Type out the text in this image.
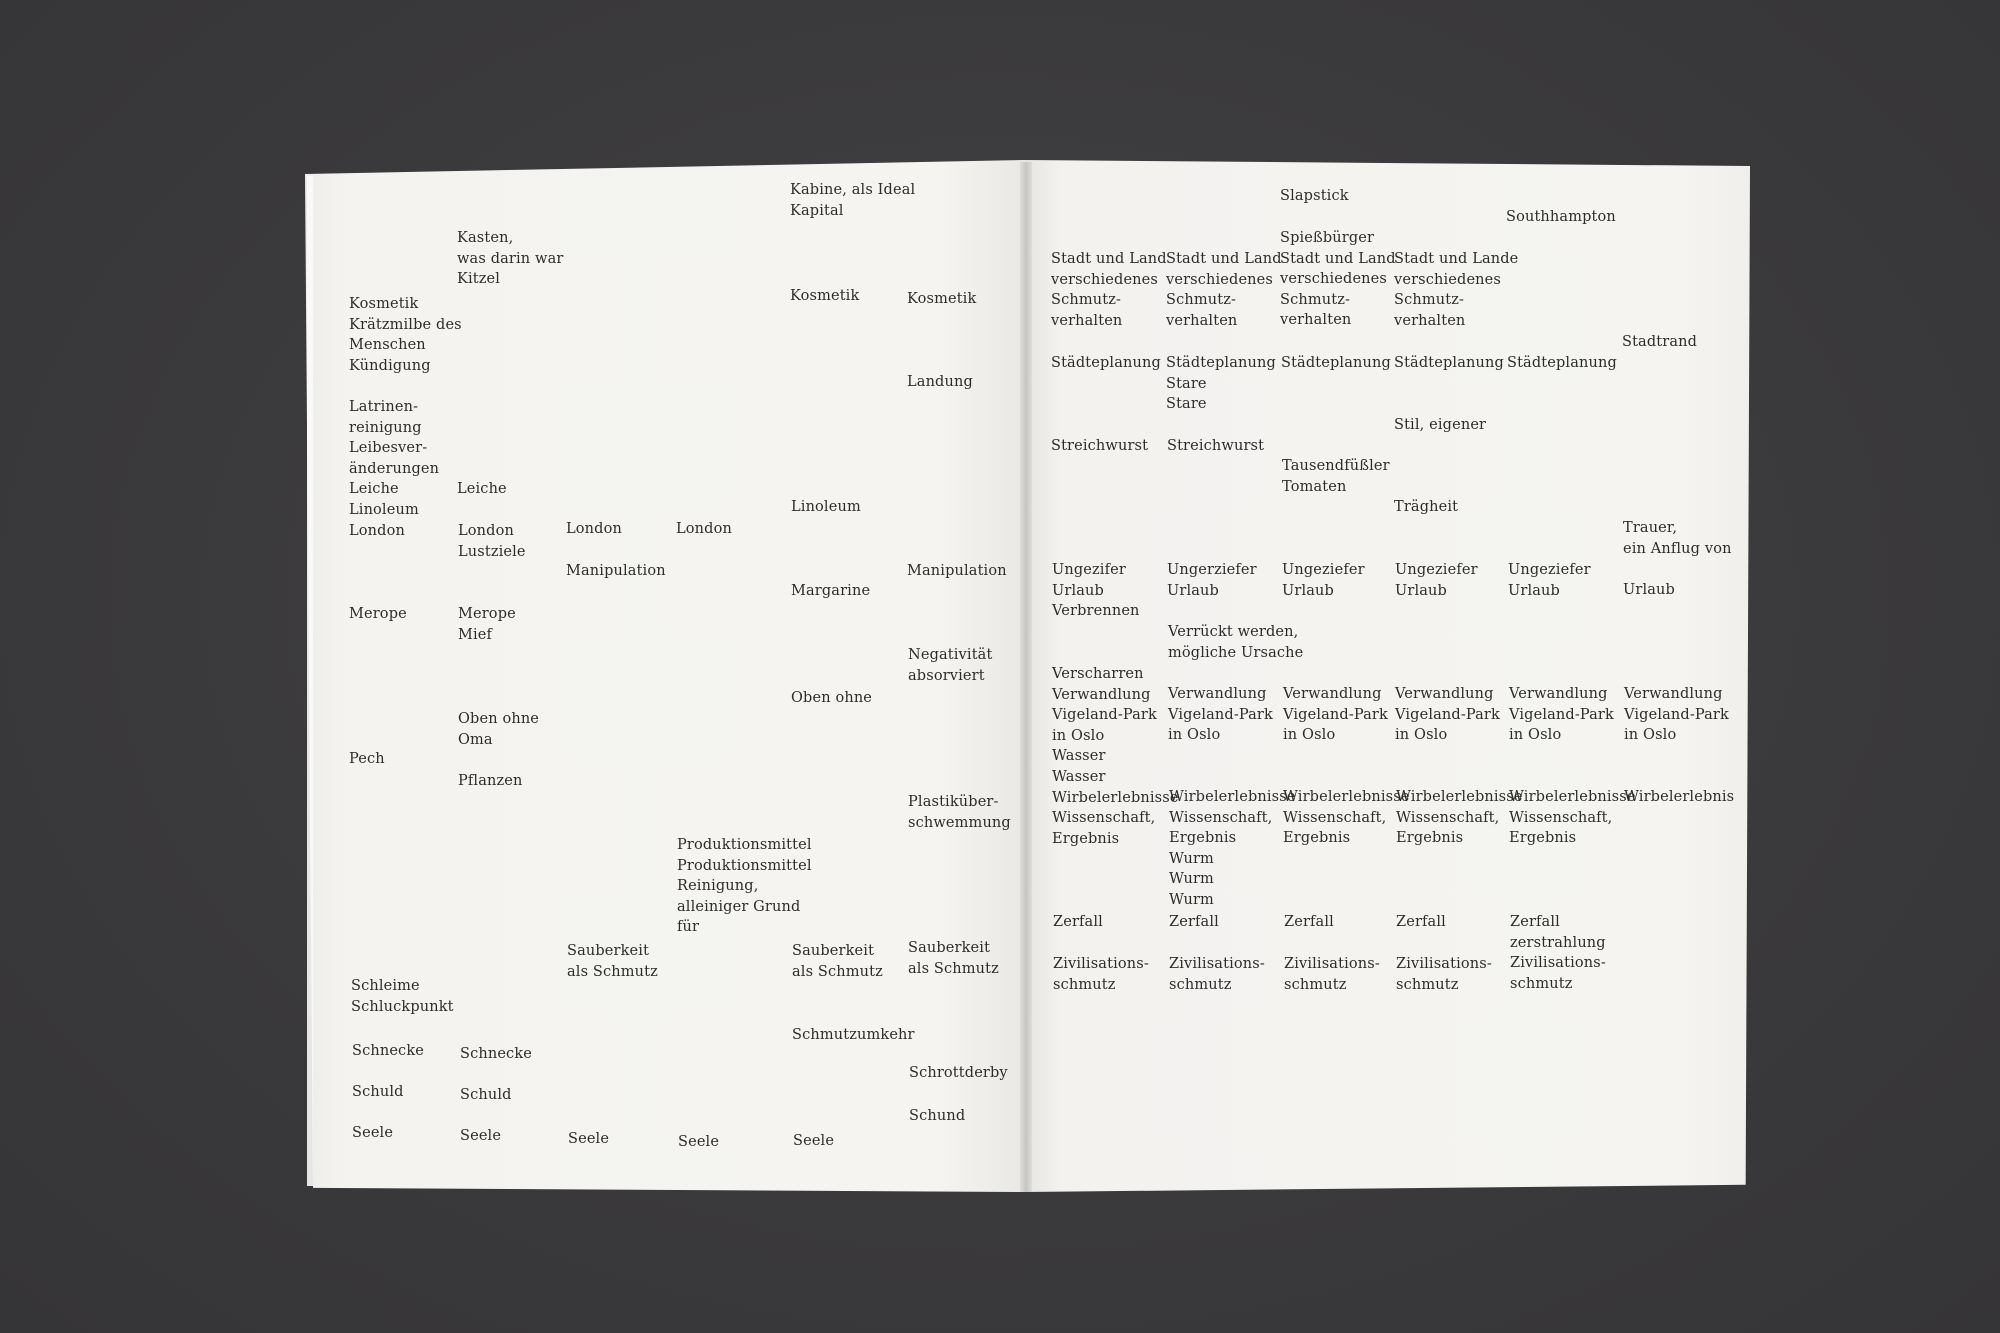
Kosmetik
Krätzmilbe des
Menschen
Kündigung
Latrinen-
reinigung
Leibesver-
änderungen
Leiche
Linoleum
London
Merope
Pech
Schleime
Schluckpunkt
Schnecke
Schuld
Seele
Kasten,
was darin war
Kitzel
Leiche
London
Lustziele
Merope
Mief
Oben ohne
Oma
Pflanzen
Schnecke
Schuld
Seele
London
Manipulation
Sauberkeit
als Schmutz
Seele
London
Produktionsmittel
Produktionsmittel
Reinigung,
alleiniger Grund
für
Seele
Kabine, als Ideal
Kapital
Kosmetik
Linoleum
Margarine
Oben ohne
Sauberkeit
als Schmutz
Schmutzumkehr
Seele
Kosmetik
Landung
Manipulation
Negativität
absorviert
Plastiküber-
schwemmung
Sauberkeit
als Schmutz
Schrottderby
Schund
Stadt und Land
verschiedenes
Schmutz-
verhalten
Städteplanung
Streichwurst
Ungezifer
Urlaub
Verbrennen
Verscharren
Verwandlung
Vigeland-Park
in Oslo
Wasser
Wasser
Wirbelerlebnisse
Wissenschaft,
Ergebnis
Zerfall
Zivilisations-
schmutz
Stadt und Land
verschiedenes
Schmutz-
verhalten
Städteplanung
Stare
Stare
Streichwurst
Ungerziefer
Urlaub
Verrückt werden,
mögliche Ursache
Verwandlung
Vigeland-Park
in Oslo
Wirbelerlebnisse
Wissenschaft,
Ergebnis
Wurm
Wurm
Wurm
Zerfall
Zivilisations-
schmutz
Slapstick
Spießbürger
Stadt und Land
verschiedenes
Schmutz-
verhalten
Städteplanung
Tausendfüßler
Tomaten
Ungeziefer
Urlaub
Verwandlung
Vigeland-Park
in Oslo
Wirbelerlebnisse
Wissenschaft,
Ergebnis
Zerfall
Zivilisations-
schmutz
Stadt und Lande
verschiedenes
Schmutz-
verhalten
Städteplanung
Stil, eigener
Trägheit
Ungeziefer
Urlaub
Verwandlung
Vigeland-Park
in Oslo
Wirbelerlebnisse
Wissenschaft,
Ergebnis
Zerfall
Zivilisations-
schmutz
Southhampton
Städteplanung
Ungeziefer
Urlaub
Verwandlung
Vigeland-Park
in Oslo
Wirbelerlebnisse
Wissenschaft,
Ergebnis
Zerfall
zerstrahlung
Zivilisations-
schmutz
Stadtrand
Trauer,
ein Anflug von
Urlaub
Verwandlung
Vigeland-Park
in Oslo
Wirbelerlebnis
